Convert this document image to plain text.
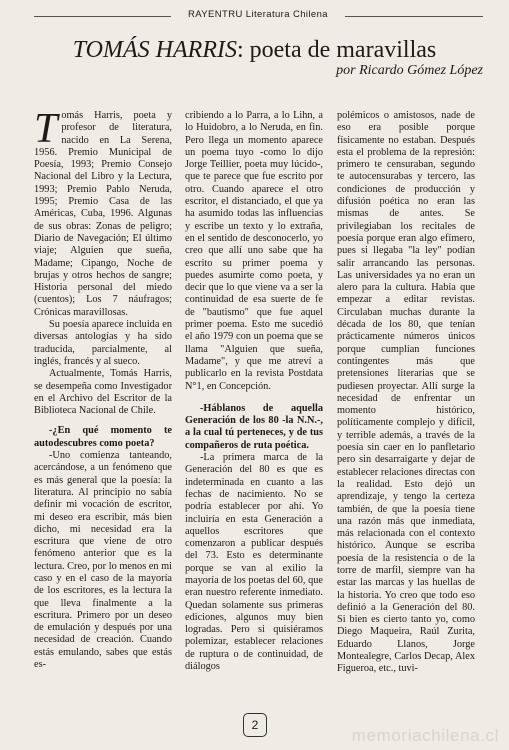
RAYENTRU Literatura Chilena
TOMÁS HARRIS: poeta de maravillas
por Ricardo Gómez López

Tomás Harris, poeta y profesor de literatura, nacido en La Serena, 1956. Premio Municipal de Poesía, 1993; Premio Consejo Nacional del Libro y la Lectura, 1993; Premio Pablo Neruda, 1995; Premio Casa de las Américas, Cuba, 1996. Algunas de sus obras: Zonas de peligro; Diario de Navegación; El último viaje; Alguien que sueña, Madame; Cipango, Noche de brujas y otros hechos de sangre; Historia personal del miedo (cuentos); Los 7 náufragos; Crónicas maravillosas.

Su poesía aparece incluida en diversas antologías y ha sido traducida, parcialmente, al inglés, francés y al sueco.

Actualmente, Tomás Harris, se desempeña como Investigador en el Archivo del Escritor de la Biblioteca Nacional de Chile.

-¿En qué momento te autodescubres como poeta?

-Uno comienza tanteando, acercándose, a un fenómeno que es más general que la poesía: la literatura. Al principio no sabía definir mi vocación de escritor, mi deseo era escribir, más bien dicho, mi necesidad era la escritura que viene de otro fenómeno anterior que es la lectura. Creo, por lo menos en mi caso y en el caso de la mayoría de los escritores, es la lectura la que lleva finalmente a la escritura. Primero por un deseo de emulación y después por una necesidad de creación. Cuando estás emulando, sabes que estás es-

cribiendo a lo Parra, a lo Lihn, a lo Huidobro, a lo Neruda, en fin. Pero llega un momento aparece un poema tuyo -como lo dijo Jorge Teillier, poeta muy lúcido-, que te parece que fue escrito por otro. Cuando aparece el otro escritor, el distanciado, el que ya ha asumido todas las influencias y escribe un texto y lo extraña, en el sentido de desconocerlo, yo creo que allí uno sabe que ha escrito su primer poema y puedes asumirte como poeta, y decir que lo que viene va a ser la continuidad de esa suerte de fe de "bautismo" que fue aquel primer poema. Esto me sucedió el año 1979 con un poema que se llama "Alguien que sueña, Madame", y que me atreví a publicarlo en la revista Postdata N°1, en Concepción.

-Háblanos de aquella Generación de los 80 -la N.N.-, a la cual tú perteneces, y de tus compañeros de ruta poética.

-La primera marca de la Generación del 80 es que es indeterminada en cuanto a las fechas de nacimiento. No se podría establecer por ahí. Yo incluiría en esta Generación a aquellos escritores que comenzaron a publicar después del 73. Esto es determinante porque se van al exilio la mayoría de los poetas del 60, que eran nuestro referente inmediato. Quedan solamente sus primeras ediciones, algunos muy bien logradas. Pero si quisiéramos polemizar, establecer relaciones de ruptura o de continuidad, de diálogos

polémicos o amistosos, nade de eso era posible porque físicamente no estaban. Después esta el problema de la represión: primero te censuraban, segundo te autocensurabas y tercero, las condiciones de producción y difusión poética no eran las mismas de antes. Se privilegiaban los recitales de poesía porque eran algo efímero, pues si llegaba "la ley" podían salir arrancando las personas. Las universidades ya no eran un alero para la cultura. Había que empezar a editar revistas. Circulaban muchas durante la década de los 80, que tenían prácticamente números únicos porque cumplían funciones contingentes más que pretensiones literarias que se pudiesen proyectar. Allí surge la necesidad de enfrentar un momento histórico, políticamente complejo y difícil, y terrible además, a través de la poesía sin caer en lo panfletario pero sin desarraigarte y dejar de establecer relaciones directas con la realidad. Esto dejó un aprendizaje, y tengo la certeza también, de que la poesía tiene una razón más que inmediata, más relacionada con el contexto histórico. Aunque se escriba poesía de la resistencia o de la torre de marfil, siempre van ha estar las marcas y las huellas de la historia. Yo creo que todo eso definió a la Generación del 80. Si bien es cierto tanto yo, como Diego Maqueira, Raúl Zurita, Eduardo Llanos, Jorge Montealegre, Carlos Decap, Alex Figueroa, etc., tuvi-

2
memoriachilena.cl
